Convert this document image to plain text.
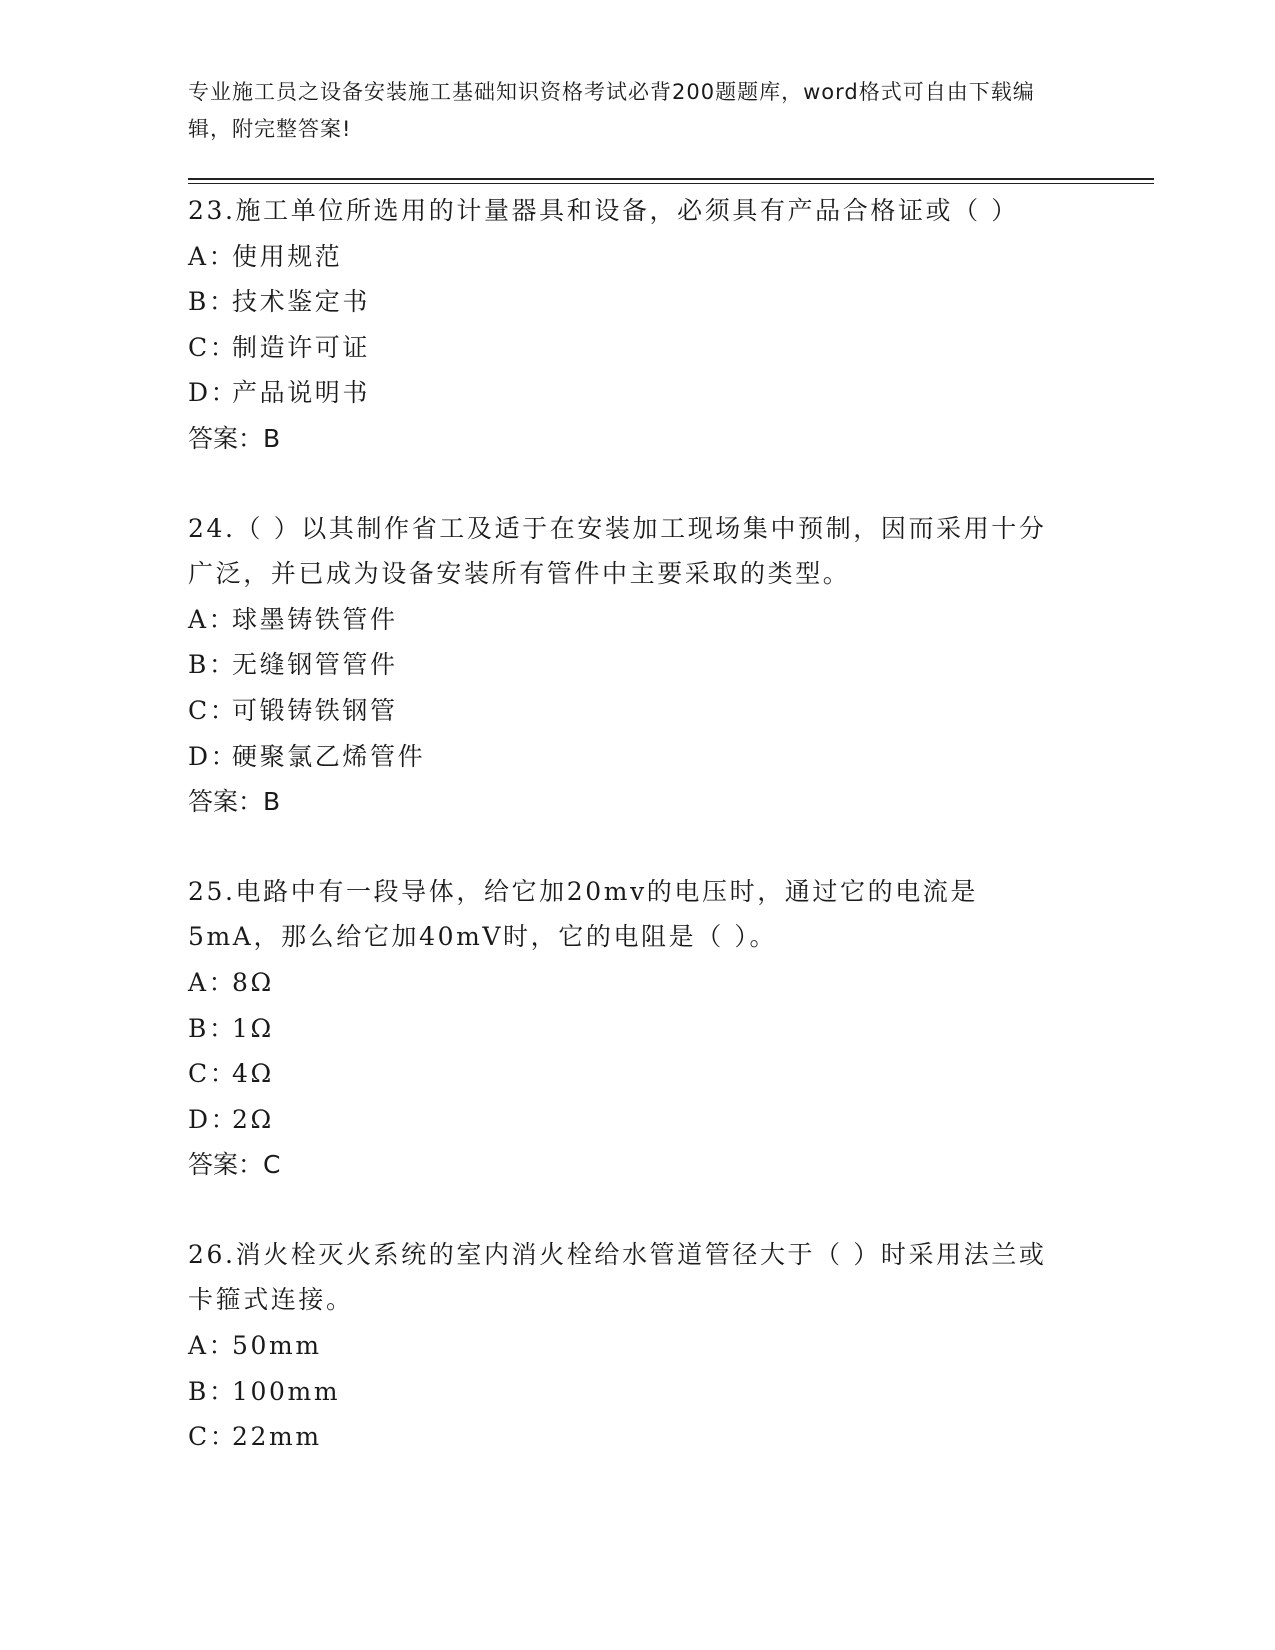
专业施工员之设备安装施工基础知识资格考试必背200题题库，word格式可自由下载编辑，附完整答案!

23.施工单位所选用的计量器具和设备，必须具有产品合格证或（ ）

A：使用规范

B：技术鉴定书

C：制造许可证

D：产品说明书

答案：B

24.（ ）以其制作省工及适于在安装加工现场集中预制，因而采用十分广泛，并已成为设备安装所有管件中主要采取的类型。

A：球墨铸铁管件

B：无缝钢管管件

C：可锻铸铁钢管

D：硬聚氯乙烯管件

答案：B

25.电路中有一段导体，给它加20mv的电压时，通过它的电流是5mA，那么给它加40mV时，它的电阻是（ ）。

A：8Ω

B：1Ω

C：4Ω

D：2Ω

答案：C

26.消火栓灭火系统的室内消火栓给水管道管径大于（ ）时采用法兰或卡箍式连接。

A：50mm

B：100mm

C：22mm
